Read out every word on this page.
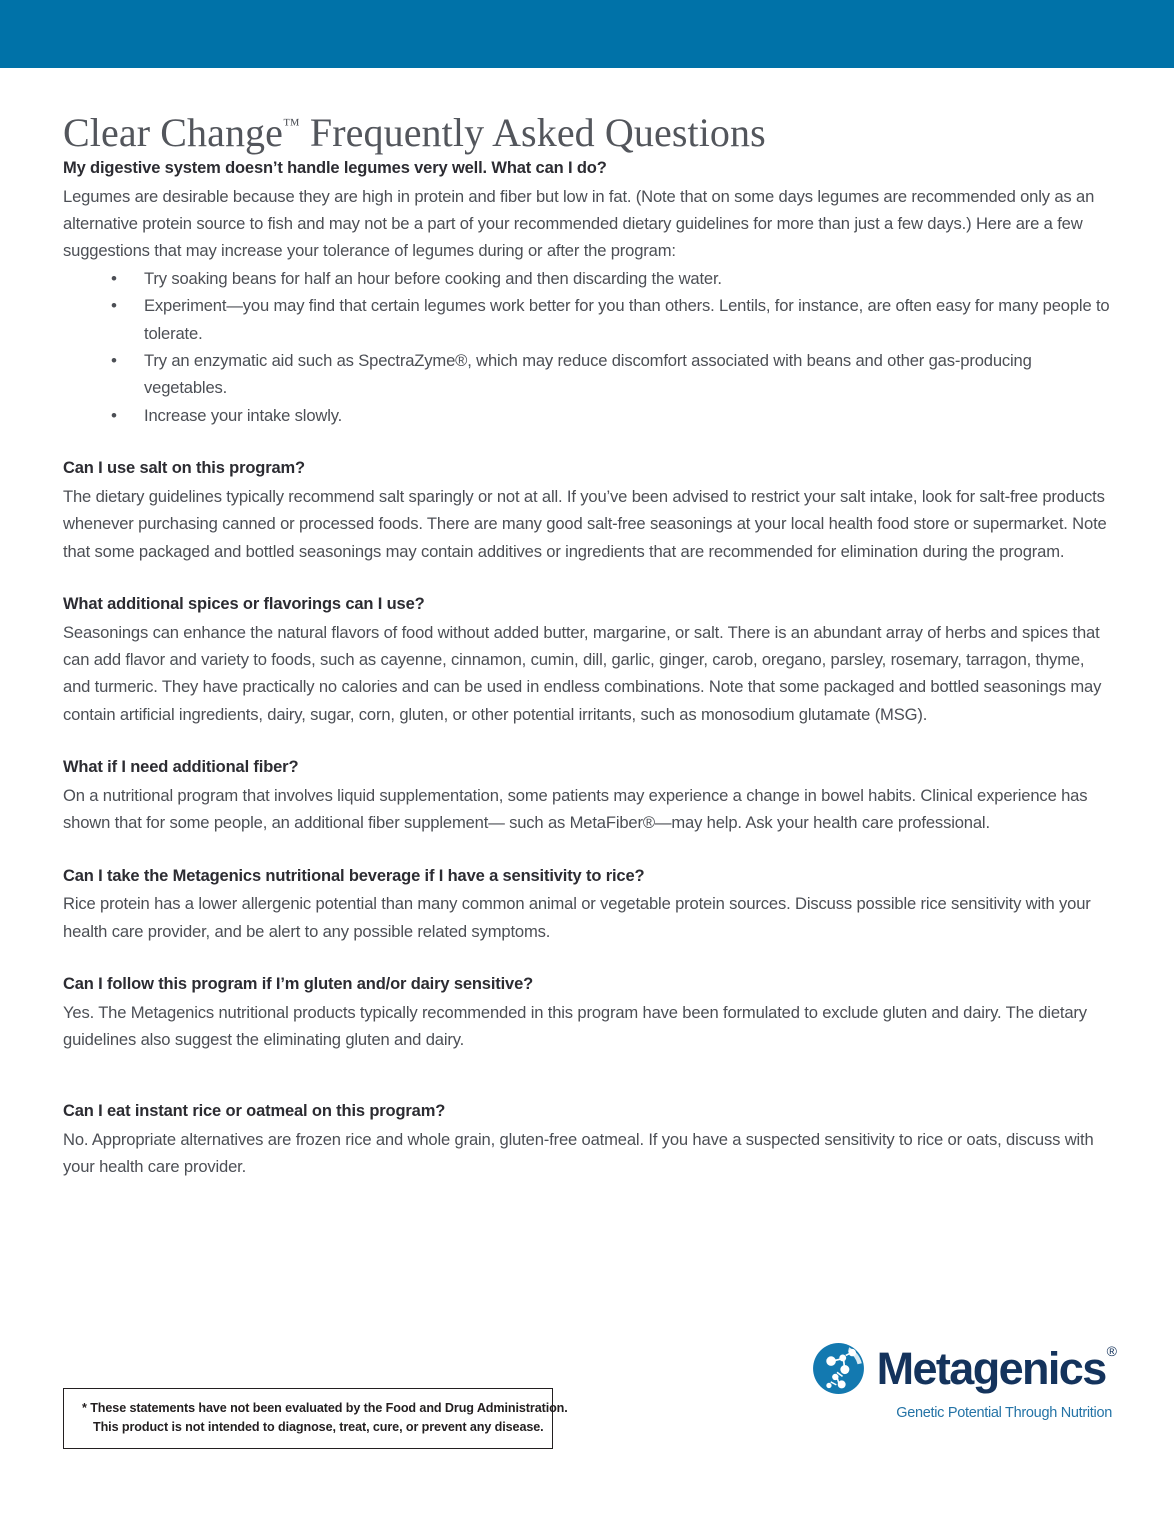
Clear Change™ Frequently Asked Questions
My digestive system doesn’t handle legumes very well. What can I do?
Legumes are desirable because they are high in protein and fiber but low in fat. (Note that on some days legumes are recommended only as an alternative protein source to fish and may not be a part of your recommended dietary guidelines for more than just a few days.) Here are a few suggestions that may increase your tolerance of legumes during or after the program:
• Try soaking beans for half an hour before cooking and then discarding the water.
• Experiment—you may find that certain legumes work better for you than others. Lentils, for instance, are often easy for many people to tolerate.
• Try an enzymatic aid such as SpectraZyme®, which may reduce discomfort associated with beans and other gas-producing vegetables.
• Increase your intake slowly.
Can I use salt on this program?
The dietary guidelines typically recommend salt sparingly or not at all. If you’ve been advised to restrict your salt intake, look for salt-free products whenever purchasing canned or processed foods. There are many good salt-free seasonings at your local health food store or supermarket. Note that some packaged and bottled seasonings may contain additives or ingredients that are recommended for elimination during the program.
What additional spices or flavorings can I use?
Seasonings can enhance the natural flavors of food without added butter, margarine, or salt. There is an abundant array of herbs and spices that can add flavor and variety to foods, such as cayenne, cinnamon, cumin, dill, garlic, ginger, carob, oregano, parsley, rosemary, tarragon, thyme, and turmeric. They have practically no calories and can be used in endless combinations. Note that some packaged and bottled seasonings may contain artificial ingredients, dairy, sugar, corn, gluten, or other potential irritants, such as monosodium glutamate (MSG).
What if I need additional fiber?
On a nutritional program that involves liquid supplementation, some patients may experience a change in bowel habits. Clinical experience has shown that for some people, an additional fiber supplement— such as MetaFiber®—may help. Ask your health care professional.
Can I take the Metagenics nutritional beverage if I have a sensitivity to rice?
Rice protein has a lower allergenic potential than many common animal or vegetable protein sources. Discuss possible rice sensitivity with your health care provider, and be alert to any possible related symptoms.
Can I follow this program if I’m gluten and/or dairy sensitive?
Yes. The Metagenics nutritional products typically recommended in this program have been formulated to exclude gluten and dairy. The dietary guidelines also suggest the eliminating gluten and dairy.
Can I eat instant rice or oatmeal on this program?
No. Appropriate alternatives are frozen rice and whole grain, gluten-free oatmeal. If you have a suspected sensitivity to rice or oats, discuss with your health care provider.
* These statements have not been evaluated by the Food and Drug Administration.
This product is not intended to diagnose, treat, cure, or prevent any disease.
Metagenics®
Genetic Potential Through Nutrition
